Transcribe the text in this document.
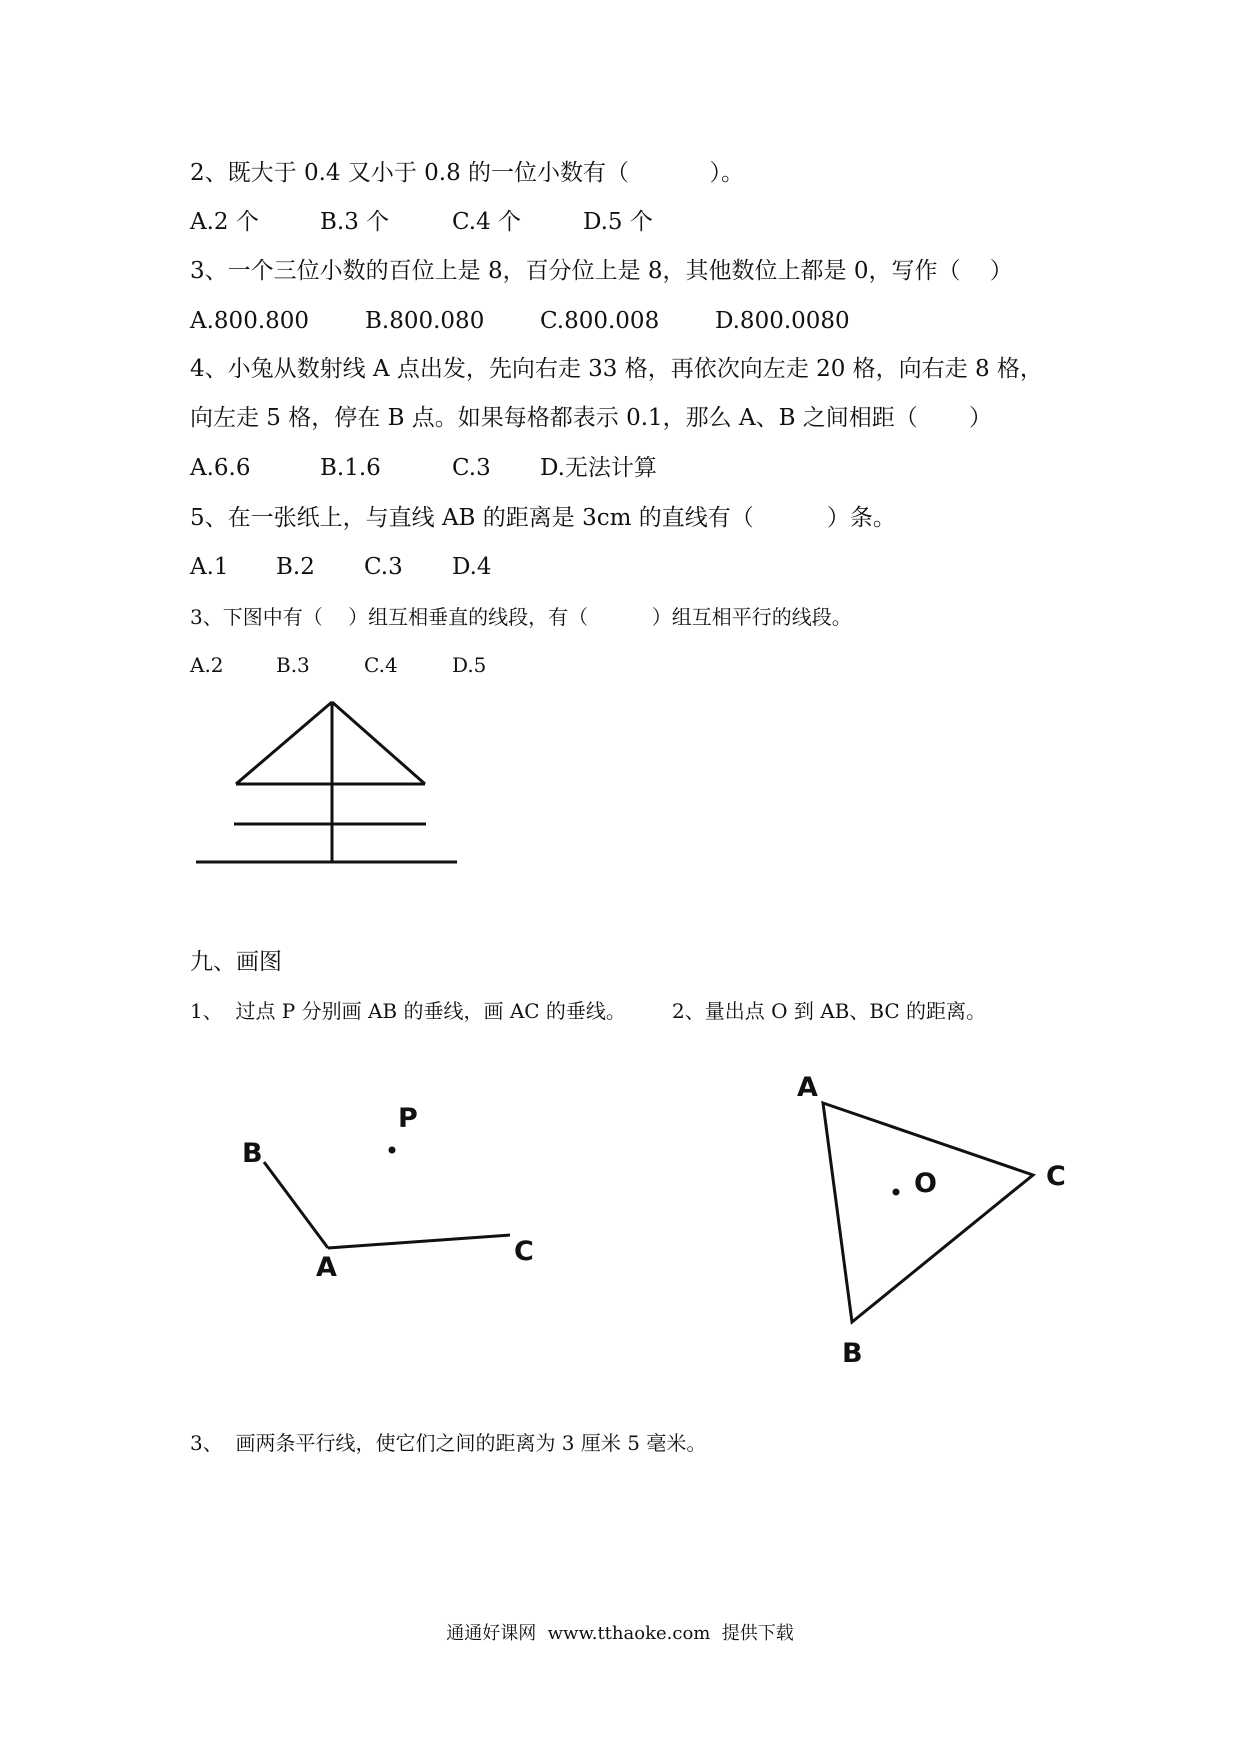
2、既大于 0.4 又小于 0.8 的一位小数有（           ）。
A.2 个	B.3 个	C.4 个	D.5 个
3、一个三位小数的百位上是 8，百分位上是 8，其他数位上都是 0，写作（    ）
A.800.800 B.800.080 C.800.008 D.800.0080
4、小兔从数射线 A 点出发，先向右走 33 格，再依次向左走 20 格，向右走 8 格，
向左走 5 格，停在 B 点。如果每格都表示 0.1，那么 A、B 之间相距（       ）
A.6.6	B.1.6	C.3 D.无法计算
5、在一张纸上，与直线 AB 的距离是 3cm 的直线有（          ）条。
A.1 B.2 C.3 D.4
3、下图中有（    ）组互相垂直的线段，有（          ）组互相平行的线段。
A.2	B.3	C.4	D.5
九、画图
1、  过点 P 分别画 AB 的垂线，画 AC 的垂线。 2、量出点 O 到 AB、BC 的距离。
3、  画两条平行线，使它们之间的距离为 3 厘米 5 毫米。
P
B
A
C
A
O	C
B
通通好课网  www.tthaoke.com  提供下载
